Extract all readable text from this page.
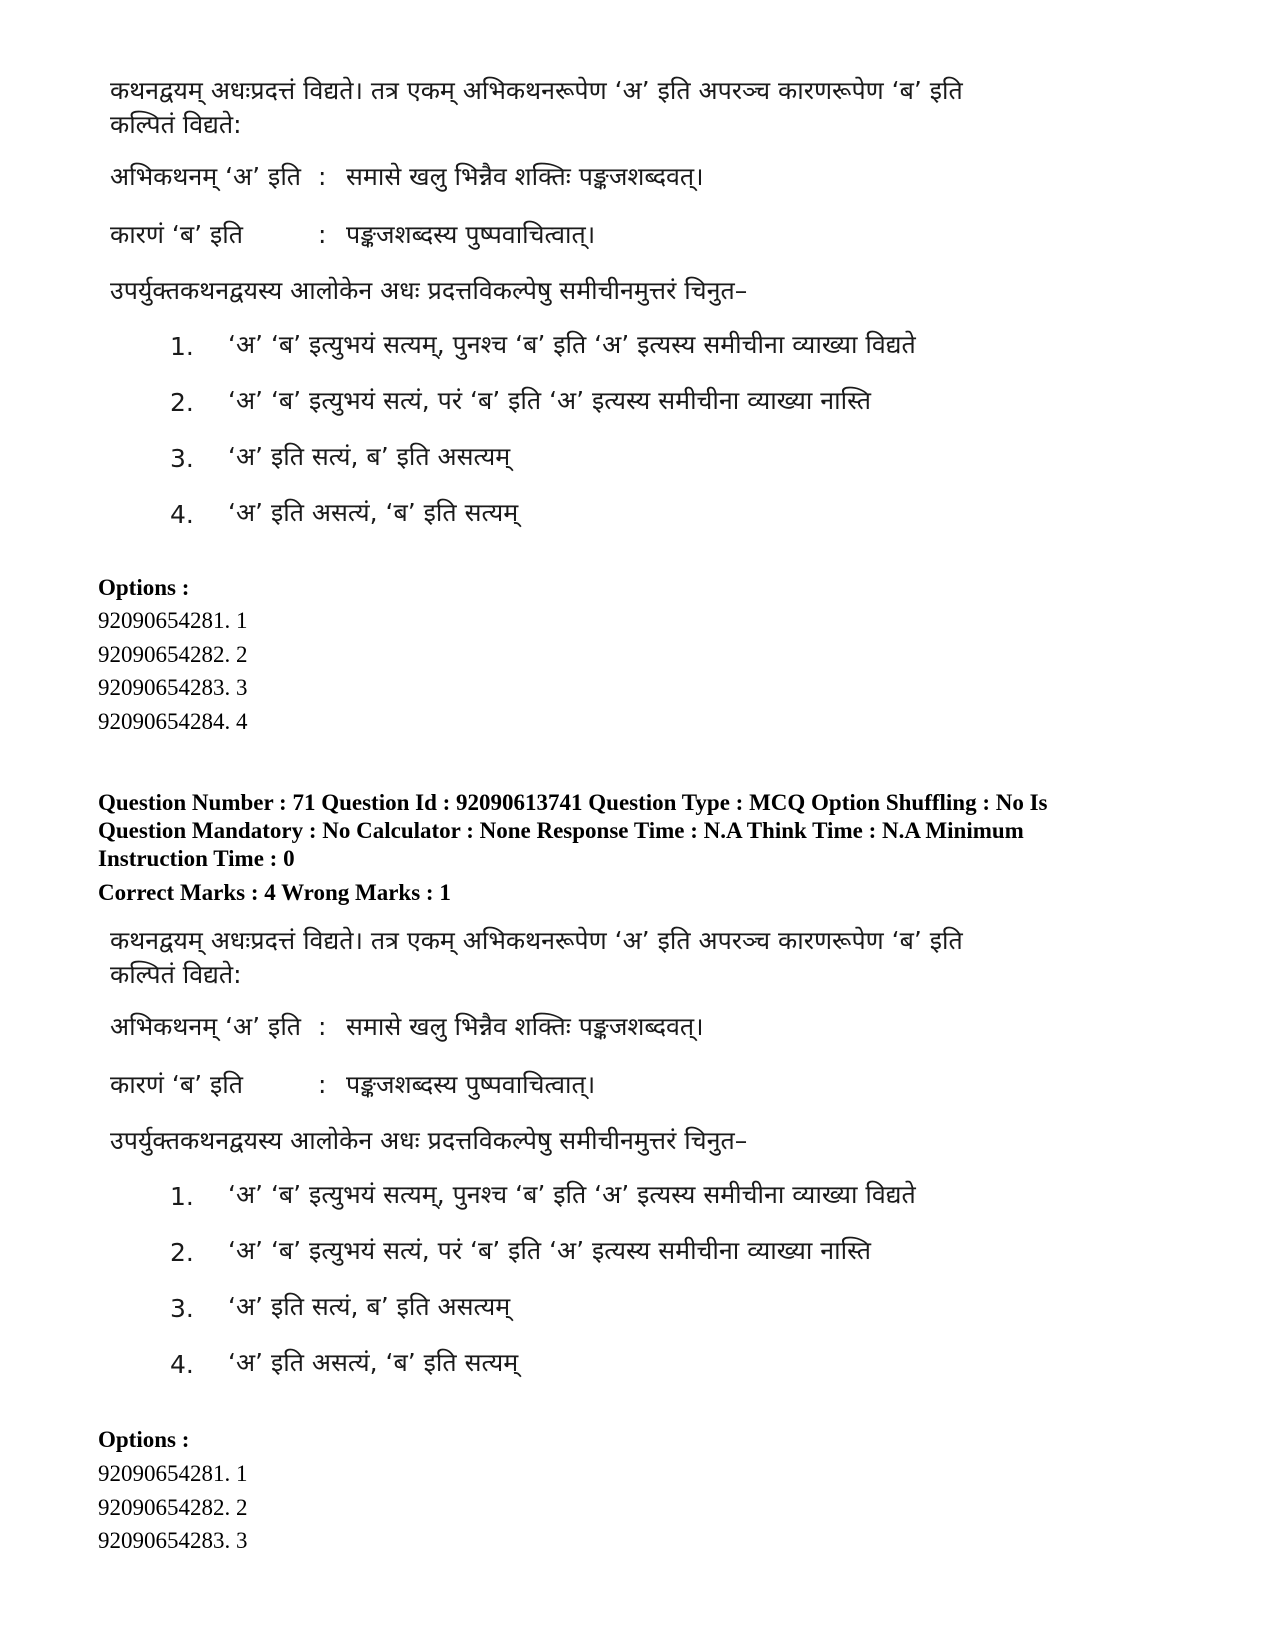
कथनद्वयम् अधःप्रदत्तं विद्यते। तत्र एकम् अभिकथनरूपेण ‘अ’ इति अपरञ्च कारणरूपेण ‘ब’ इति कल्पितं विद्यते:
अभिकथनम् ‘अ’ इति : समासे खलु भिन्नैव शक्तिः पङ्कजशब्दवत्।
कारणं ‘ब’ इति	: पङ्कजशब्दस्य पुष्पवाचित्वात्।
उपर्युक्तकथनद्वयस्य आलोकेन अधः प्रदत्तविकल्पेषु समीचीनमुत्तरं चिनुत–
1. ‘अ’ ‘ब’ इत्युभयं सत्यम्, पुनश्च ‘ब’ इति ‘अ’ इत्यस्य समीचीना व्याख्या विद्यते
2. ‘अ’ ‘ब’ इत्युभयं सत्यं, परं ‘ब’ इति ‘अ’ इत्यस्य समीचीना व्याख्या नास्ति
3. ‘अ’ इति सत्यं, ब’ इति असत्यम्
4. ‘अ’ इति असत्यं, ‘ब’ इति सत्यम्
Options :
92090654281. 1
92090654282. 2
92090654283. 3
92090654284. 4
Question Number : 71 Question Id : 92090613741 Question Type : MCQ Option Shuffling : No Is
Question Mandatory : No Calculator : None Response Time : N.A Think Time : N.A Minimum
Instruction Time : 0
Correct Marks : 4 Wrong Marks : 1
कथनद्वयम् अधःप्रदत्तं विद्यते। तत्र एकम् अभिकथनरूपेण ‘अ’ इति अपरञ्च कारणरूपेण ‘ब’ इति कल्पितं विद्यते:
अभिकथनम् ‘अ’ इति : समासे खलु भिन्नैव शक्तिः पङ्कजशब्दवत्।
कारणं ‘ब’ इति	: पङ्कजशब्दस्य पुष्पवाचित्वात्।
उपर्युक्तकथनद्वयस्य आलोकेन अधः प्रदत्तविकल्पेषु समीचीनमुत्तरं चिनुत–
1. ‘अ’ ‘ब’ इत्युभयं सत्यम्, पुनश्च ‘ब’ इति ‘अ’ इत्यस्य समीचीना व्याख्या विद्यते
2. ‘अ’ ‘ब’ इत्युभयं सत्यं, परं ‘ब’ इति ‘अ’ इत्यस्य समीचीना व्याख्या नास्ति
3. ‘अ’ इति सत्यं, ब’ इति असत्यम्
4. ‘अ’ इति असत्यं, ‘ब’ इति सत्यम्
Options :
92090654281. 1
92090654282. 2
92090654283. 3
